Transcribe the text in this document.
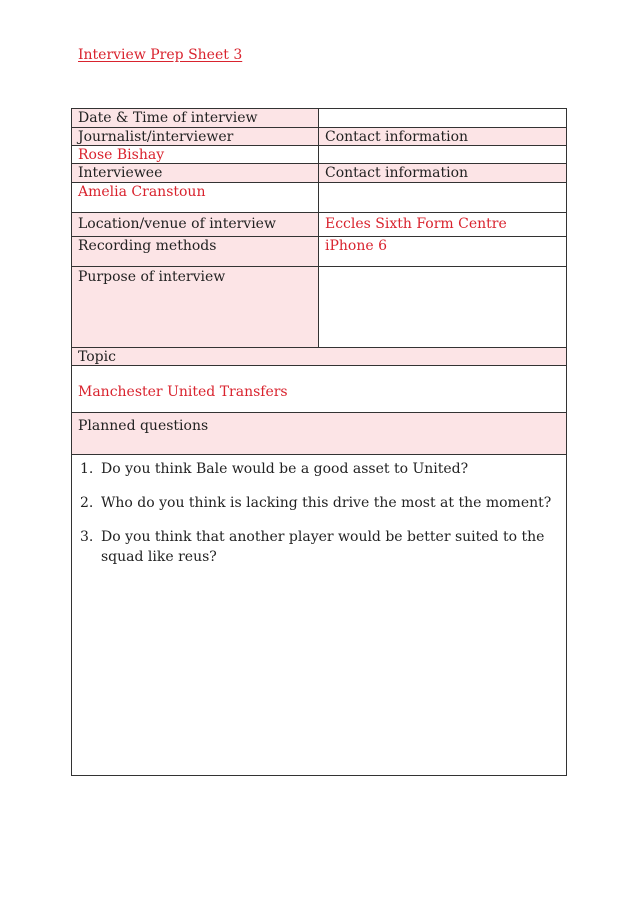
Interview Prep Sheet 3
Date & Time of interview
Journalist/interviewer	Contact information
Rose Bishay
Interviewee	Contact information
Amelia Cranstoun
Location/venue of interview	Eccles Sixth Form Centre
Recording methods	iPhone 6
Purpose of interview
Topic
Manchester United Transfers
Planned questions
1. Do you think Bale would be a good asset to United?
2. Who do you think is lacking this drive the most at the moment?
3. Do you think that another player would be better suited to the squad like reus?
